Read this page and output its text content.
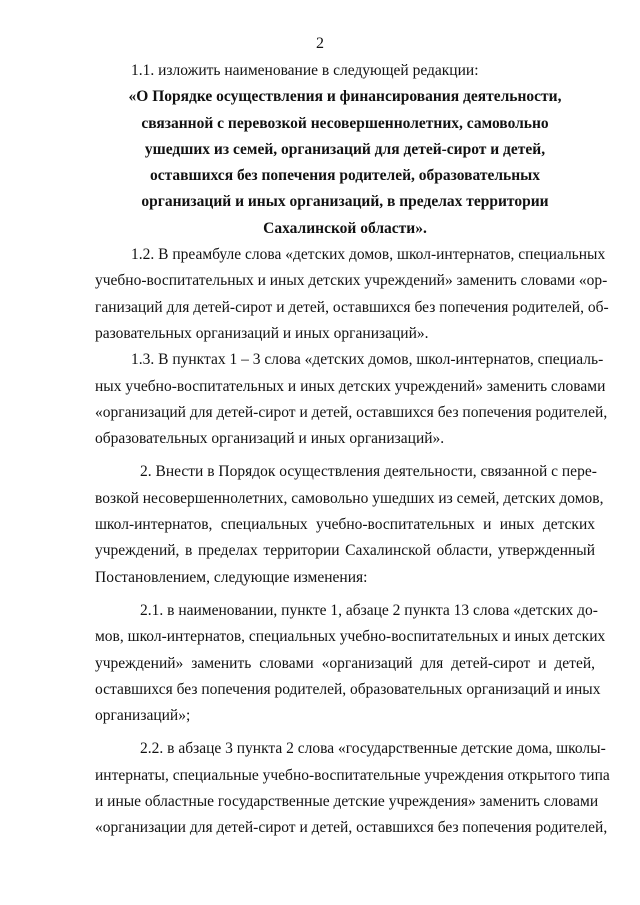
2
1.1. изложить наименование в следующей редакции:
«О Порядке осуществления и финансирования деятельности,
связанной с перевозкой несовершеннолетних, самовольно
ушедших из семей, организаций для детей-сирот и детей,
оставшихся без попечения родителей, образовательных
организаций и иных организаций, в пределах территории
Сахалинской области».
1.2. В преамбуле слова «детских домов, школ-интернатов, специальных
учебно-воспитательных и иных детских учреждений» заменить словами «ор-
ганизаций для детей-сирот и детей, оставшихся без попечения родителей, об-
разовательных организаций и иных организаций».
1.3. В пунктах 1 – 3 слова «детских домов, школ-интернатов, специаль-
ных учебно-воспитательных и иных детских учреждений» заменить словами
«организаций для детей-сирот и детей, оставшихся без попечения родителей,
образовательных организаций и иных организаций».
2. Внести в Порядок осуществления деятельности, связанной с пере-
возкой несовершеннолетних, самовольно ушедших из семей, детских домов,
школ-интернатов, специальных учебно-воспитательных и иных детских
учреждений, в пределах территории Сахалинской области, утвержденный
Постановлением, следующие изменения:
2.1. в наименовании, пункте 1, абзаце 2 пункта 13 слова «детских до-
мов, школ-интернатов, специальных учебно-воспитательных и иных детских
учреждений» заменить словами «организаций для детей-сирот и детей,
оставшихся без попечения родителей, образовательных организаций и иных
организаций»;
2.2. в абзаце 3 пункта 2 слова «государственные детские дома, школы-
интернаты, специальные учебно-воспитательные учреждения открытого типа
и иные областные государственные детские учреждения» заменить словами
«организации для детей-сирот и детей, оставшихся без попечения родителей,
